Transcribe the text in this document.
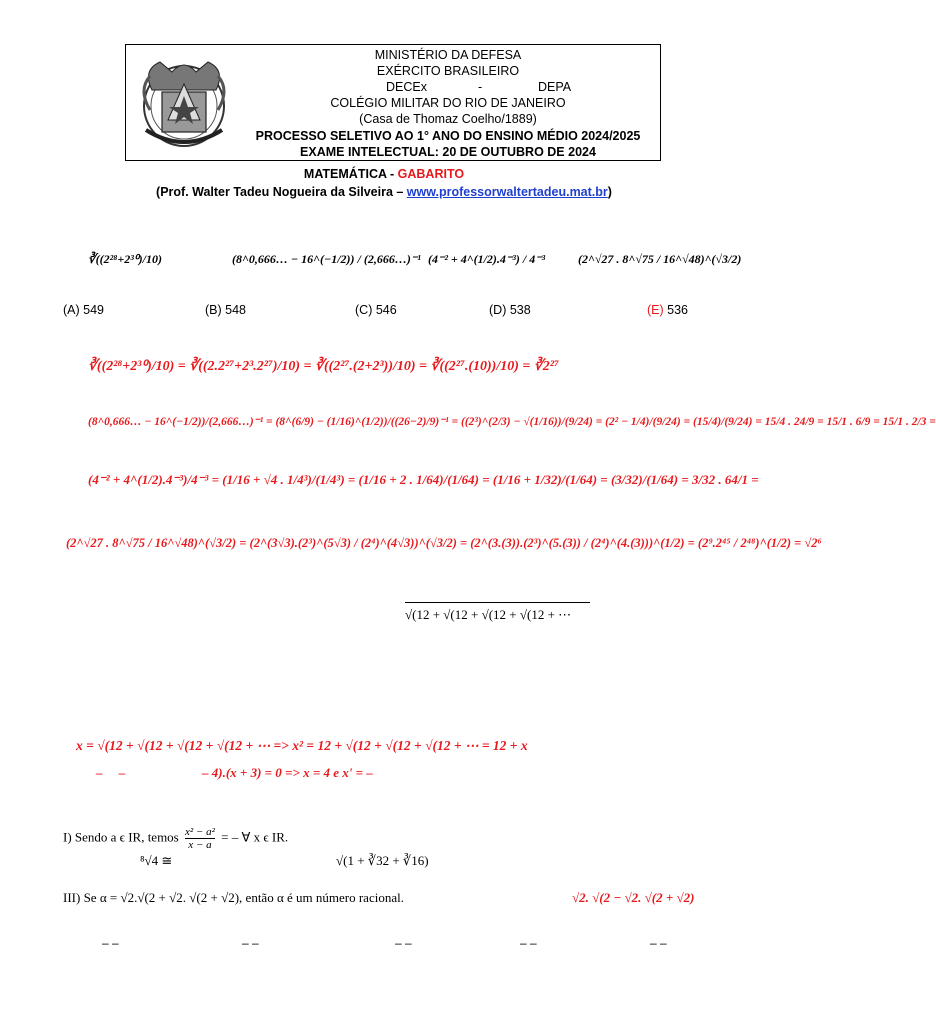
MINISTÉRIO DA DEFESA
EXÉRCITO BRASILEIRO
DECEx	-	DEPA
COLÉGIO MILITAR DO RIO DE JANEIRO
(Casa de Thomaz Coelho/1889)
PROCESSO SELETIVO AO 1° ANO DO ENSINO MÉDIO 2024/2025
EXAME INTELECTUAL: 20 DE OUTUBRO DE 2024
MATEMÁTICA - GABARITO
(Prof. Walter Tadeu Nogueira da Silveira – www.professorwaltertadeu.mat.br)
∛((2²⁸+2³⁰)/10)	(8^0,666… − 16^(−1/2)) / (2,666…)⁻¹ (4⁻² + 4^(1/2).4⁻³) / 4⁻³	(2^√27 . 8^√75 / 16^√48)^(√3/2)
(A) 549	(B) 548	(C) 546	(D) 538	(E) 536
∛((2²⁸+2³⁰)/10) = ∛((2.2²⁷+2³.2²⁷)/10) = ∛((2²⁷.(2+2³))/10) = ∛((2²⁷.(10))/10) = ∛2²⁷
(8^0,666… − 16^(−1/2))/(2,666…)⁻¹ = (8^(6/9) − (1/16)^(1/2))/((26−2)/9)⁻¹ = ((2³)^(2/3) − √(1/16))/(9/24) = (2² − 1/4)/(9/24) = (15/4)/(9/24) = 15/4 . 24/9 = 15/1 . 6/9 = 15/1 . 2/3 =
(4⁻² + 4^(1/2).4⁻³)/4⁻³ = (1/16 + √4 . 1/4³)/(1/4³) = (1/16 + 2 . 1/64)/(1/64) = (1/16 + 1/32)/(1/64) = (3/32)/(1/64) = 3/32 . 64/1 =
(2^√27 . 8^√75 / 16^√48)^(√3/2) = (2^(3√3).(2³)^(5√3) / (2⁴)^(4√3))^(√3/2) = (2^(3.(3)).(2³)^(5.(3)) / (2⁴)^(4.(3)))^(1/2) = (2⁹.2⁴⁵ / 2⁴⁸)^(1/2) = √2⁶
√(12 + √(12 + √(12 + √(12 + ⋯
x = √(12 + √(12 + √(12 + √(12 + ⋯ => x² = 12 + √(12 + √(12 + √(12 + ⋯ = 12 + x
–     –	– 4).(x + 3) = 0 => x = 4 e x' = –
I) Sendo a ϵ IR, temos $\frac{\text{x² − a²}}{x - a}$ = – ∀ x ϵ IR.
⁸√4 ≅	√(1 + ∛32 + ∛16)
III) Se α = √2.√(2 + √2. √(2 + √2), então α é um número racional.	√2. √(2 − √2. √(2 + √2)
– –	– –	– –	– –	– –
